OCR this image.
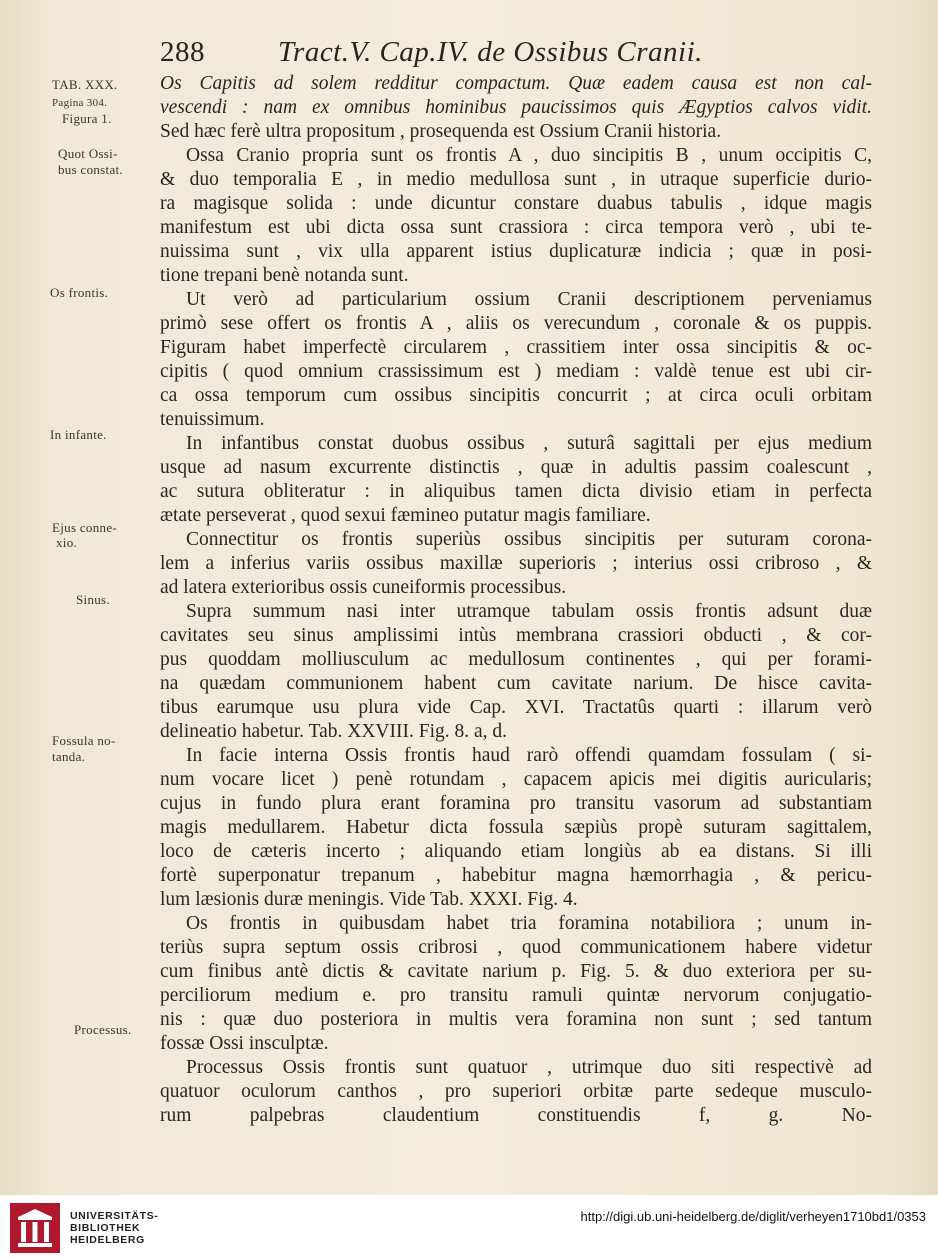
288	Tract.V. Cap.IV. de Ossibus Cranii.
TAB. XXX.
Pagina 304.
Figura 1.
Quot Ossi-
bus constat.
Os frontis.
In infante.
Ejus conne-
xio.
Sinus.
Fossula no-
tanda.
Processus.
Os Capitis ad solem redditur compactum. Quæ eadem causa est non cal-
vescendi : nam ex omnibus hominibus paucissimos quis Ægyptios calvos vidit.
Sed hæc ferè ultra propositum , prosequenda est Ossium Cranii historia.
Ossa Cranio propria sunt os frontis A , duo sincipitis B , unum occipitis C,
& duo temporalia E , in medio medullosa sunt , in utraque superficie durio-
ra magisque solida : unde dicuntur constare duabus tabulis , idque magis
manifestum est ubi dicta ossa sunt crassiora : circa tempora verò , ubi te-
nuissima sunt , vix ulla apparent istius duplicaturæ indicia ; quæ in posi-
tione trepani benè notanda sunt.
Ut verò ad particularium ossium Cranii descriptionem perveniamus
primò sese offert os frontis A , aliis os verecundum , coronale & os puppis.
Figuram habet imperfectè circularem , crassitiem inter ossa sincipitis & oc-
cipitis ( quod omnium crassissimum est ) mediam : valdè tenue est ubi cir-
ca ossa temporum cum ossibus sincipitis concurrit ; at circa oculi orbitam
tenuissimum.
In infantibus constat duobus ossibus , suturâ sagittali per ejus medium
usque ad nasum excurrente distinctis , quæ in adultis passim coalescunt ,
ac sutura obliteratur : in aliquibus tamen dicta divisio etiam in perfecta
ætate perseverat , quod sexui fæmineo putatur magis familiare.
Connectitur os frontis superiùs ossibus sincipitis per suturam corona-
lem a inferius variis ossibus maxillæ superioris ; interius ossi cribroso , &
ad latera exterioribus ossis cuneiformis processibus.
Supra summum nasi inter utramque tabulam ossis frontis adsunt duæ
cavitates seu sinus amplissimi intùs membrana crassiori obducti , & cor-
pus quoddam molliusculum ac medullosum continentes , qui per forami-
na quædam communionem habent cum cavitate narium. De hisce cavita-
tibus earumque usu plura vide Cap. XVI. Tractatûs quarti : illarum verò
delineatio habetur. Tab. XXVIII. Fig. 8. a, d.
In facie interna Ossis frontis haud rarò offendi quamdam fossulam ( si-
num vocare licet ) penè rotundam , capacem apicis mei digitis auricularis;
cujus in fundo plura erant foramina pro transitu vasorum ad substantiam
magis medullarem. Habetur dicta fossula sæpiùs propè suturam sagittalem,
loco de cæteris incerto ; aliquando etiam longiùs ab ea distans. Si illi
fortè superponatur trepanum , habebitur magna hæmorrhagia , & pericu-
lum læsionis duræ meningis. Vide Tab. XXXI. Fig. 4.
Os frontis in quibusdam habet tria foramina notabiliora ; unum in-
teriùs supra septum ossis cribrosi , quod communicationem habere videtur
cum finibus antè dictis & cavitate narium p. Fig. 5. & duo exteriora per su-
perciliorum medium e. pro transitu ramuli quintæ nervorum conjugatio-
nis : quæ duo posteriora in multis vera foramina non sunt ; sed tantum
fossæ Ossi insculptæ.
Processus Ossis frontis sunt quatuor , utrimque duo siti respectivè ad
quatuor oculorum canthos , pro superiori orbitæ parte sedeque musculo-
rum palpebras claudentium constituendis f, g. No-
UNIVERSITÄTS-
BIBLIOTHEK
HEIDELBERG
http://digi.ub.uni-heidelberg.de/diglit/verheyen1710bd1/0353
